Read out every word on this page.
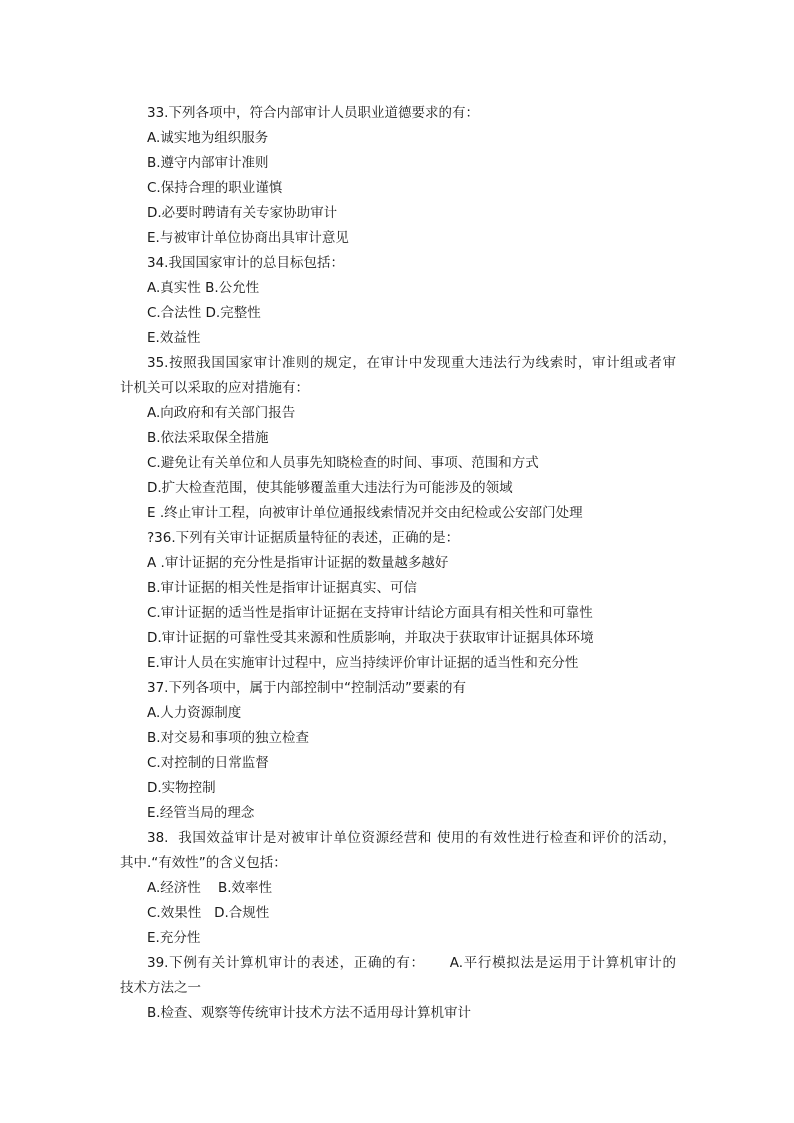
33.下列各项中，符合内部审计人员职业道德要求的有：
A.诚实地为组织服务
B.遵守内部审计准则
C.保持合理的职业谨慎
D.必要时聘请有关专家协助审计
E.与被审计单位协商出具审计意见
34.我国国家审计的总目标包括：
A.真实性 B.公允性
C.合法性 D.完整性
E.效益性
35.按照我国国家审计准则的规定，在审计中发现重大违法行为线索时，审计组或者审
计机关可以采取的应对措施有：
A.向政府和有关部门报告
B.依法采取保全措施
C.避免让有关单位和人员事先知晓检查的时间、事项、范围和方式
D.扩大检查范围，使其能够覆盖重大违法行为可能涉及的领域
E .终止审计工程，向被审计单位通报线索情况并交由纪检或公安部门处理
?36.下列有关审计证据质量特征的表述，正确的是：
A .审计证据的充分性是指审计证据的数量越多越好
B.审计证据的相关性是指审计证据真实、可信
C.审计证据的适当性是指审计证据在支持审计结论方面具有相关性和可靠性
D.审计证据的可靠性受其来源和性质影响，并取决于获取审计证据具体环境
E.审计人员在实施审计过程中，应当持续评价审计证据的适当性和充分性
37.下列各项中，属于内部控制中“控制活动”要素的有
A.人力资源制度
B.对交易和事项的独立检查
C.对控制的日常监督
D.实物控制
E.经管当局的理念
38.  我国效益审计是对被审计单位资源经营和 使用的有效性进行检查和评价的活动，
其中.“有效性”的含义包括：
A.经济性    B.效率性
C.效果性   D.合规性
E.充分性
39.下例有关计算机审计的表述，正确的有：     A.平行模拟法是运用于计算机审计的
技术方法之一
B.检查、观察等传统审计技术方法不适用母计算机审计
